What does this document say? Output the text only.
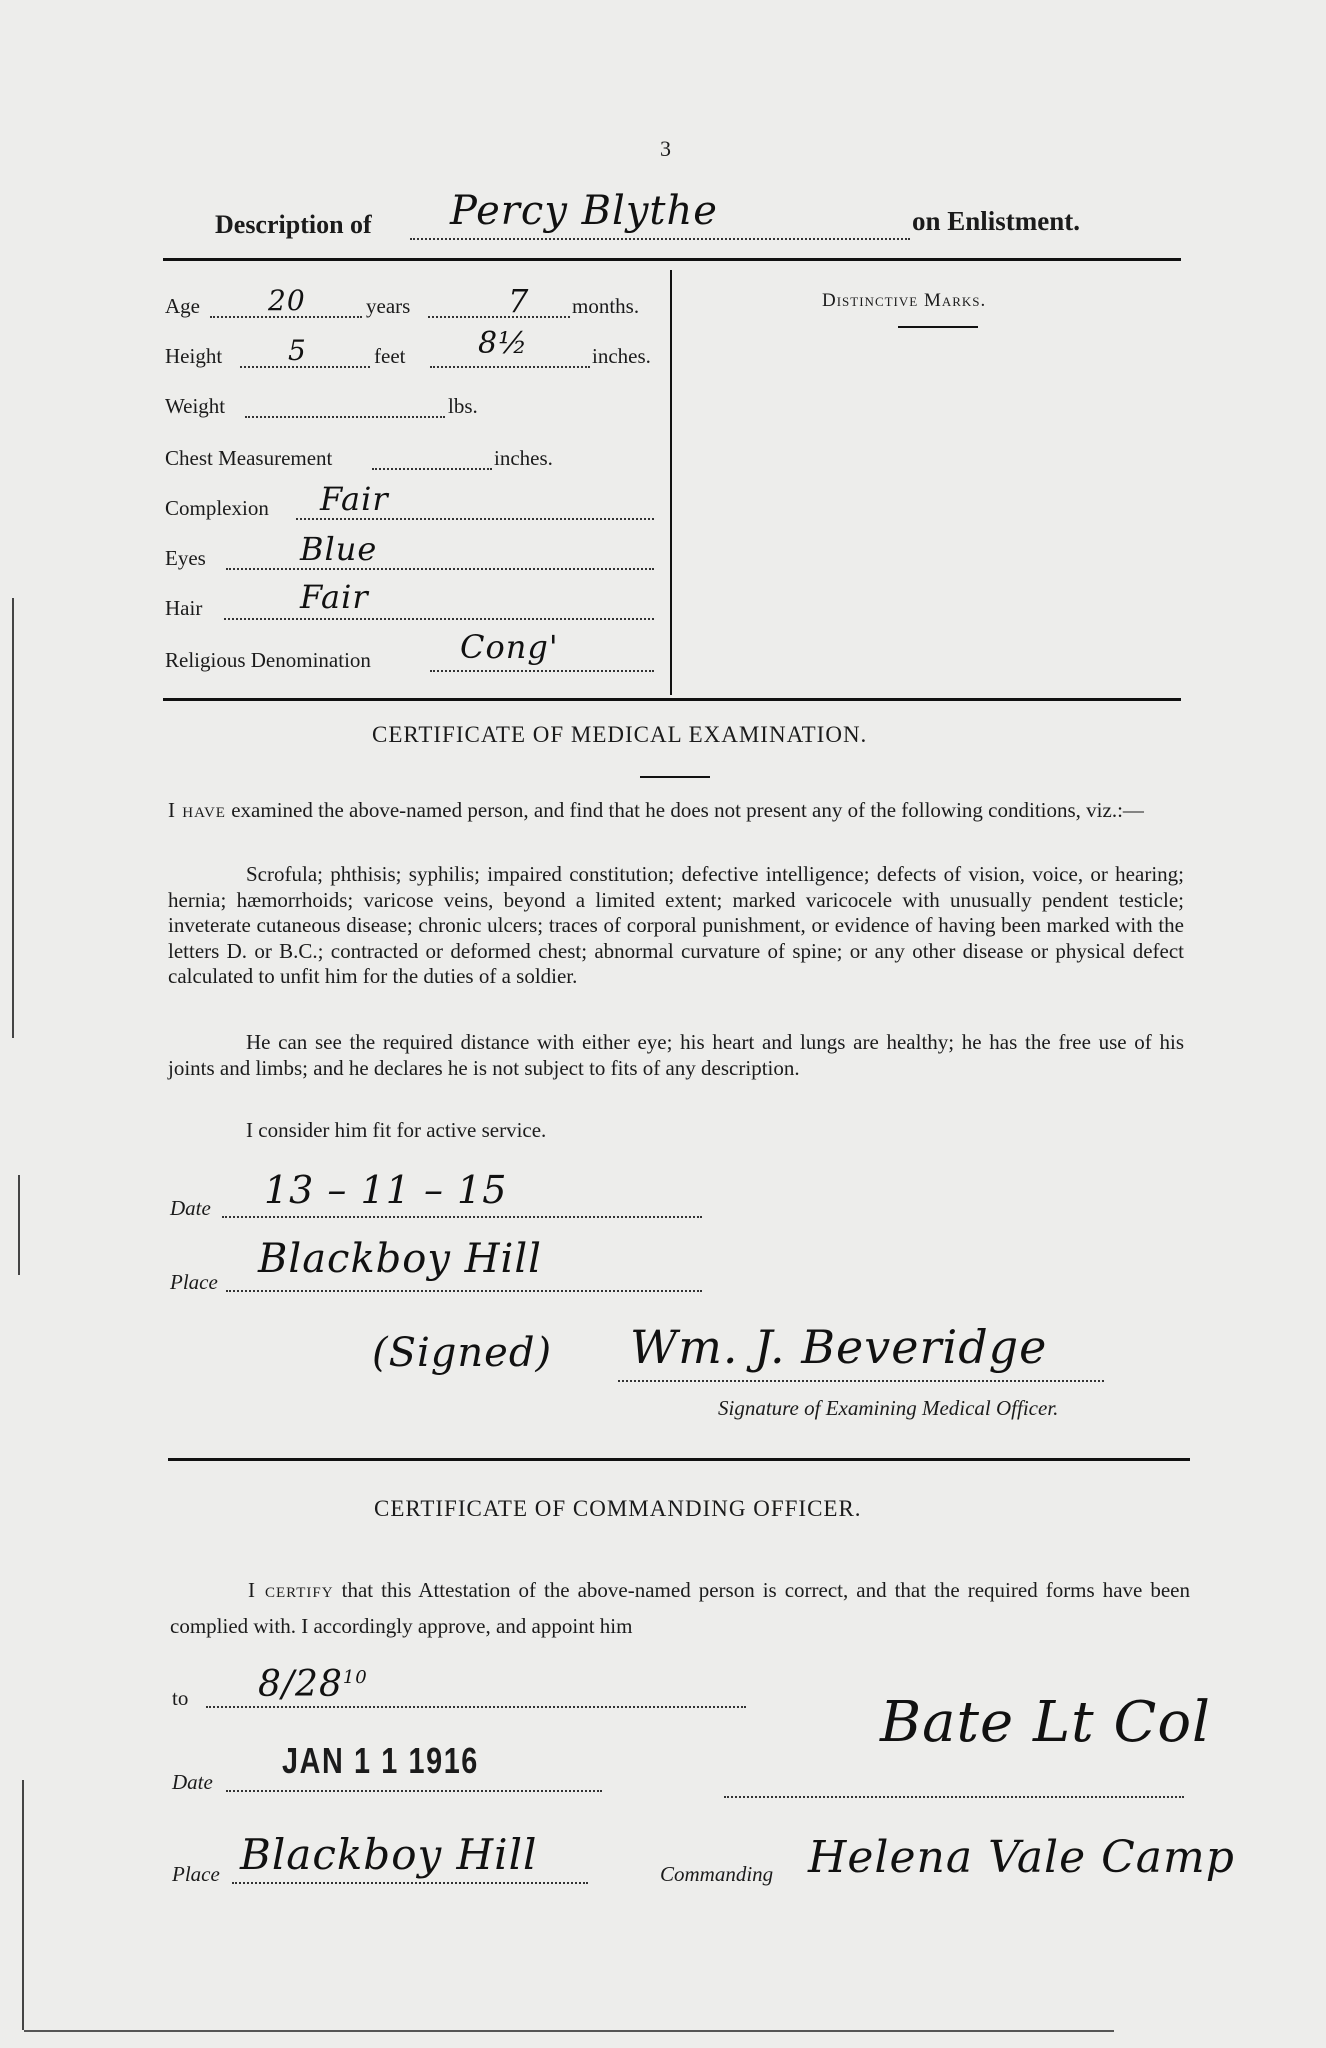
3
Description of Percy Blythe	on Enlistment.
Age 20	years	7 months.
Height 5	feet 8½	inches.
Weight	lbs.
Chest Measurement	inches.
Complexion Fair
Eyes	Blue
Hair	Fair
Religious Denomination	Cong'
Distinctive Marks.
CERTIFICATE OF MEDICAL EXAMINATION.

I have examined the above-named person, and find that he does not present any of the following conditions, viz.:—

Scrofula; phthisis; syphilis; impaired constitution; defective intelligence; defects of vision, voice, or hearing; hernia; hæmorrhoids; varicose veins, beyond a limited extent; marked varicocele with unusually pendent testicle; inveterate cutaneous disease; chronic ulcers; traces of corporal punishment, or evidence of having been marked with the letters D. or B.C.; contracted or deformed chest; abnormal curvature of spine; or any other disease or physical defect calculated to unfit him for the duties of a soldier.

He can see the required distance with either eye; his heart and lungs are healthy; he has the free use of his joints and limbs; and he declares he is not subject to fits of any description.

I consider him fit for active service.
Date 13 – 11 – 15
Place Blackboy Hill
(Signed) Wm. J. Beveridge
Signature of Examining Medical Officer.
CERTIFICATE OF COMMANDING OFFICER.

I certify that this Attestation of the above-named person is correct, and that the required forms have been complied with. I accordingly approve, and appoint him

to $8/28^{10}$
Date
JAN 1 1 1916
Place Blackboy Hill
Bate Lt Col
Commanding Helena Vale Camp
